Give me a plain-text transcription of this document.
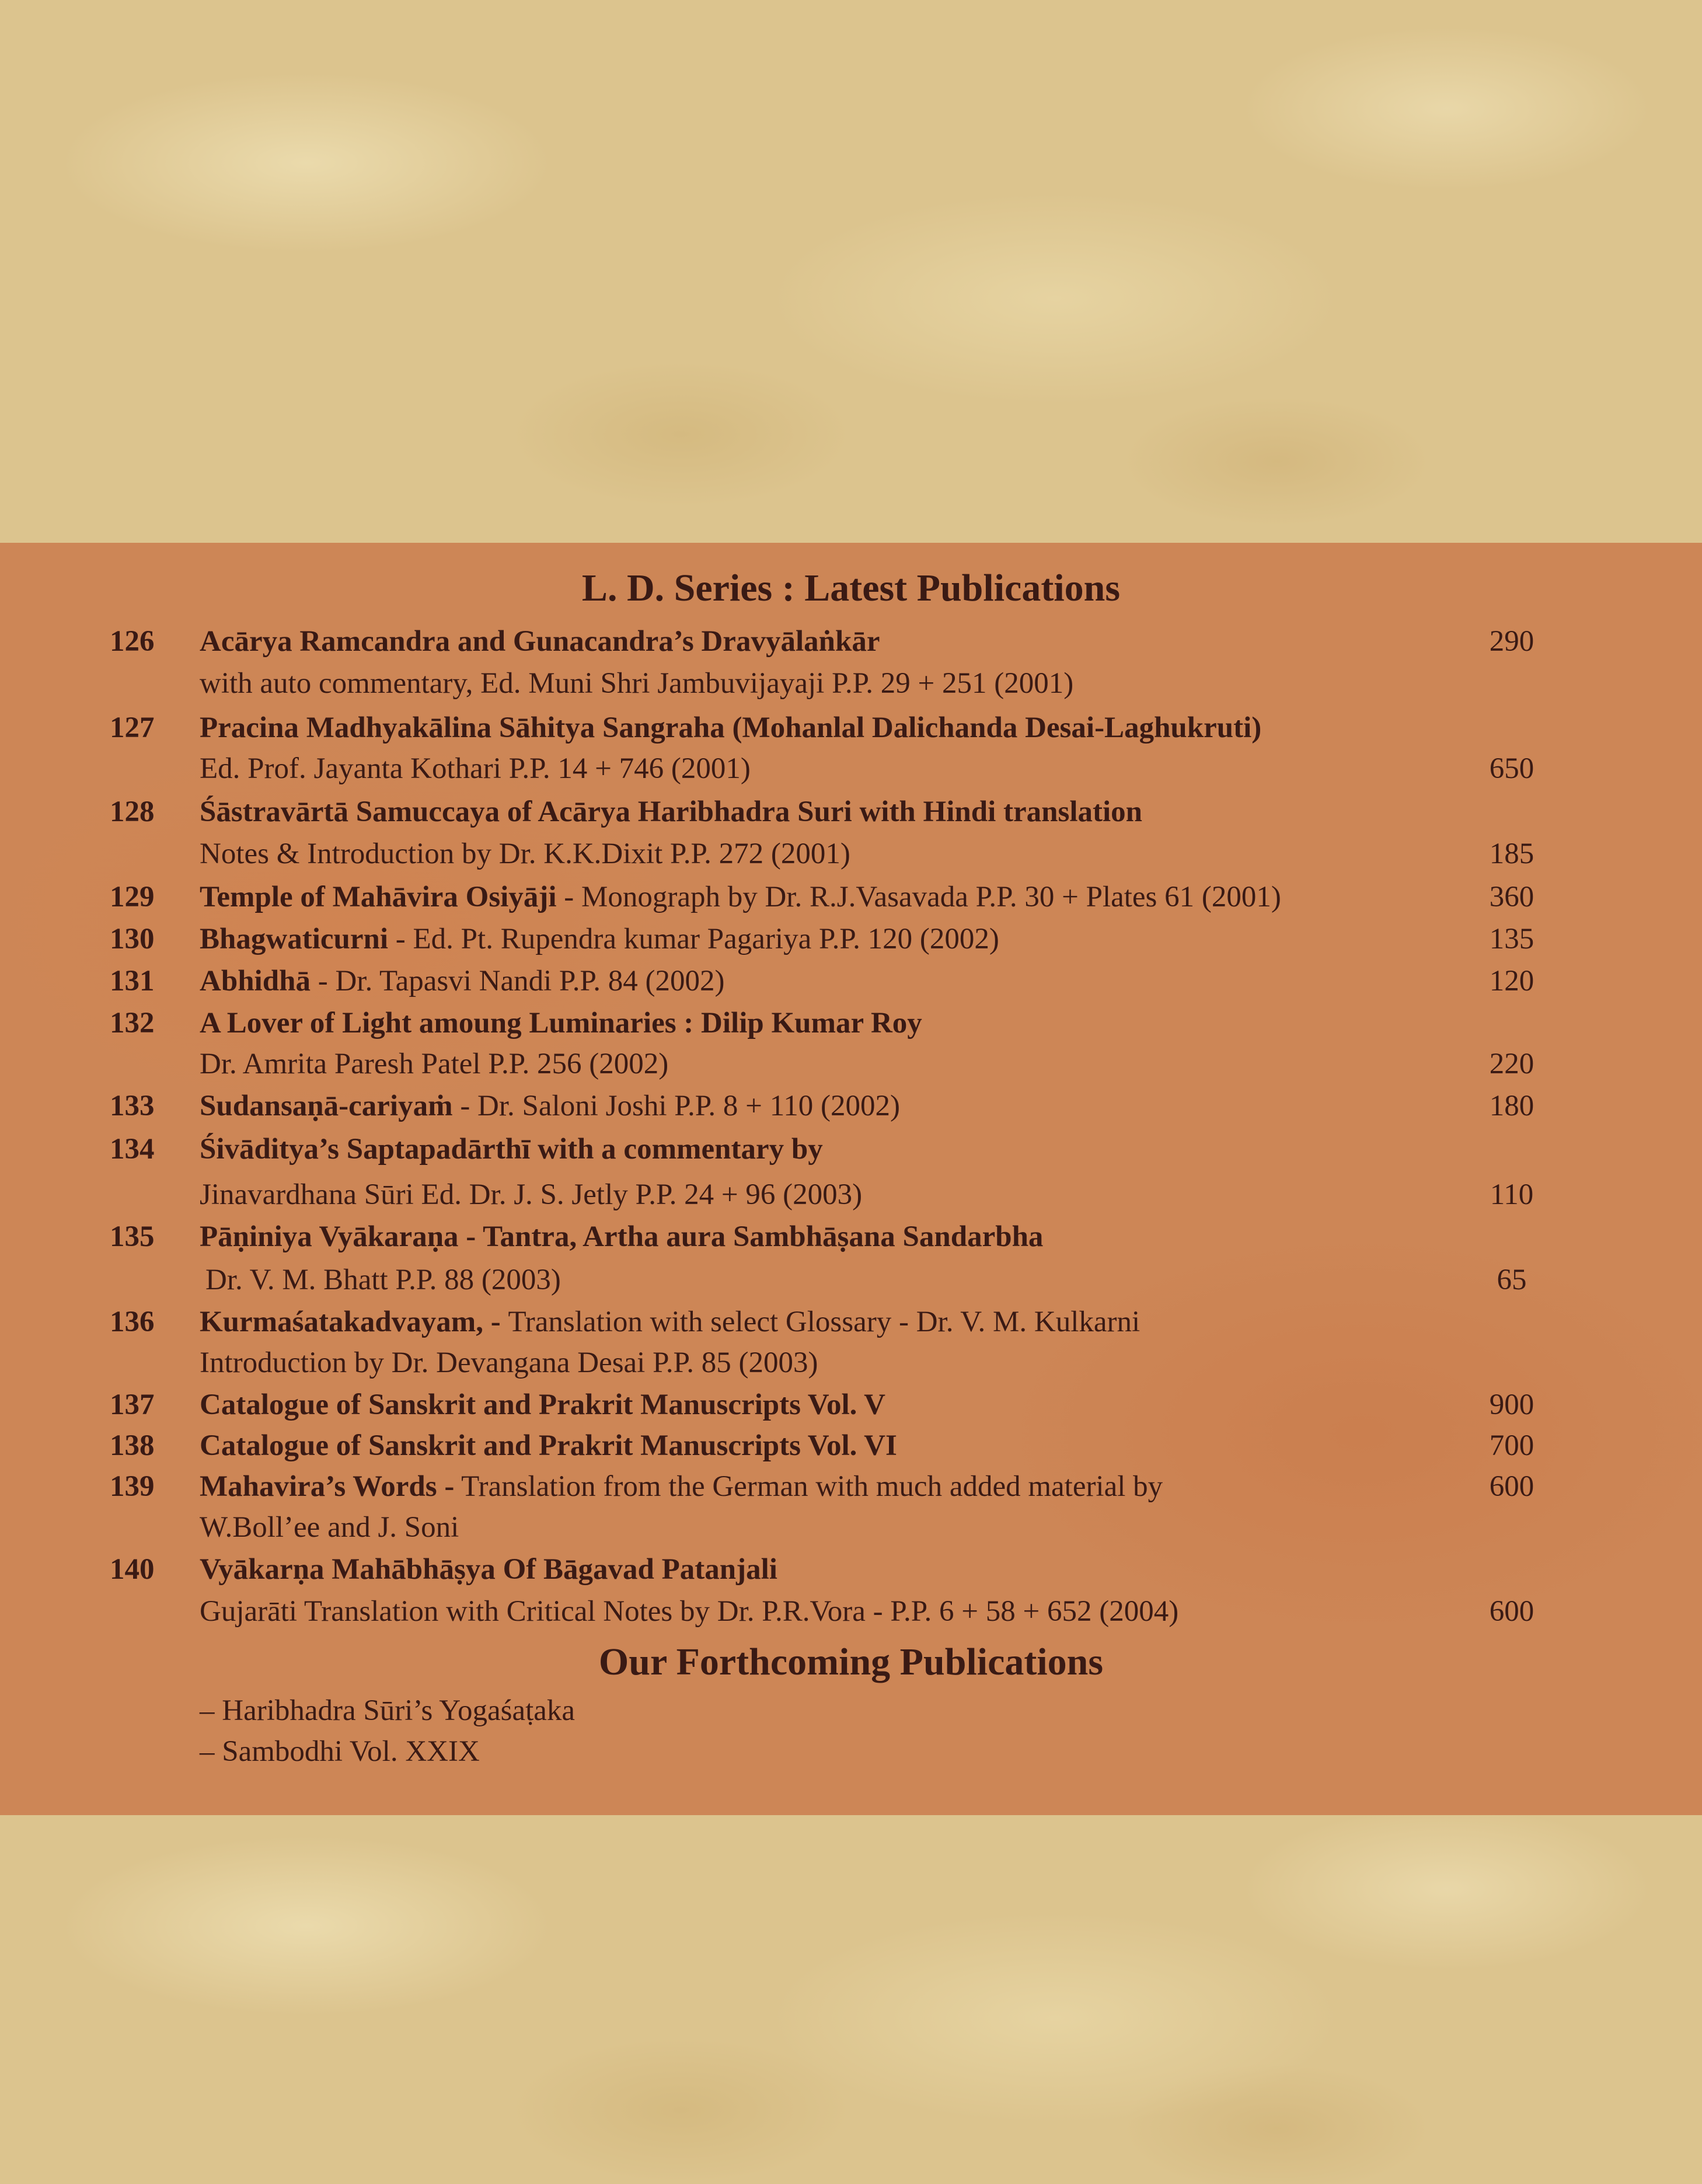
L. D. Series : Latest Publications
126 Acārya Ramcandra and Gunacandra’s Dravyālaṅkār	290
with auto commentary, Ed. Muni Shri Jambuvijayaji P.P. 29 + 251 (2001)
127 Pracina Madhyakālina Sāhitya Sangraha (Mohanlal Dalichanda Desai-Laghukruti)
Ed. Prof. Jayanta Kothari P.P. 14 + 746 (2001)	650
128 Śāstravārtā Samuccaya of Acārya Haribhadra Suri with Hindi translation
Notes & Introduction by Dr. K.K.Dixit P.P. 272 (2001)	185
129 Temple of Mahāvira Osiyāji - Monograph by Dr. R.J.Vasavada P.P. 30 + Plates 61 (2001)	360
130 Bhagwaticurni - Ed. Pt. Rupendra kumar Pagariya P.P. 120 (2002)	135
131 Abhidhā - Dr. Tapasvi Nandi P.P. 84 (2002)	120
132 A Lover of Light amoung Luminaries : Dilip Kumar Roy
Dr. Amrita Paresh Patel P.P. 256 (2002)	220
133 Sudansaṇā-cariyaṁ - Dr. Saloni Joshi P.P. 8 + 110 (2002)	180
134 Śivāditya’s Saptapadārthī with a commentary by
Jinavardhana Sūri Ed. Dr. J. S. Jetly P.P. 24 + 96 (2003)	110
135 Pāṇiniya Vyākaraṇa - Tantra, Artha aura Sambhāṣana Sandarbha
Dr. V. M. Bhatt P.P. 88 (2003)	65
136 Kurmaśatakadvayam, - Translation with select Glossary - Dr. V. M. Kulkarni
Introduction by Dr. Devangana Desai P.P. 85 (2003)
137 Catalogue of Sanskrit and Prakrit Manuscripts Vol. V	900
138 Catalogue of Sanskrit and Prakrit Manuscripts Vol. VI	700
139 Mahavira’s Words - Translation from the German with much added material by	600
W.Boll’ee and J. Soni
140 Vyākarṇa Mahābhāṣya Of Bāgavad Patanjali
Gujarāti Translation with Critical Notes by Dr. P.R.Vora - P.P. 6 + 58 + 652 (2004)	600
Our Forthcoming Publications
– Haribhadra Sūri’s Yogaśaṭaka
– Sambodhi Vol. XXIX
